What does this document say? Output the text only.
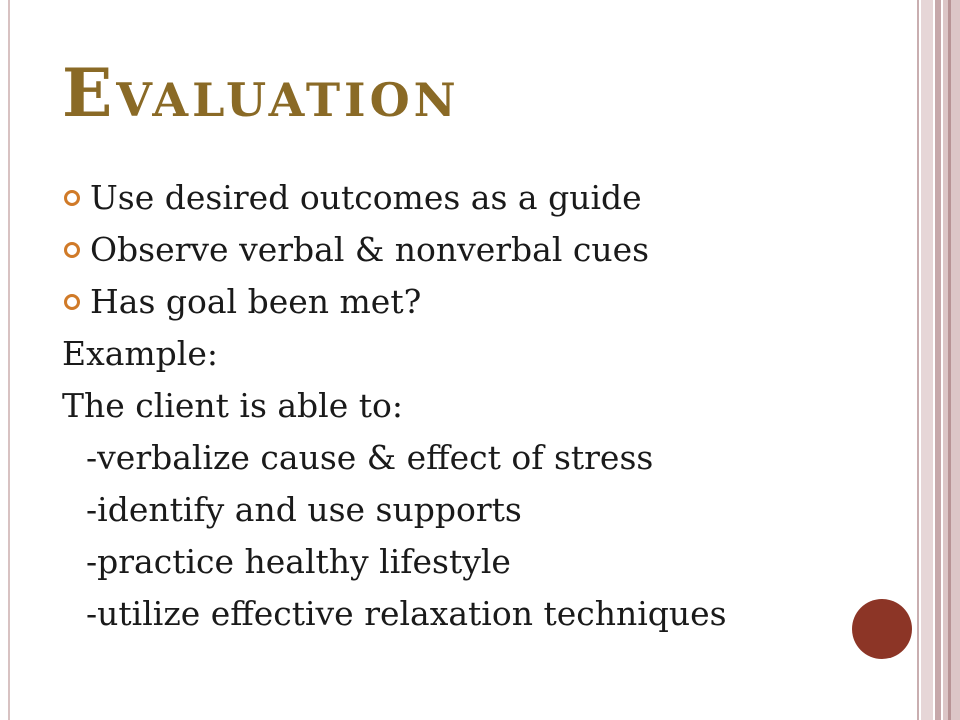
Evaluation
Use desired outcomes as a guide
Observe verbal & nonverbal cues
Has goal been met?
Example:
The client is able to:
-verbalize cause & effect of stress
-identify and use supports
-practice healthy lifestyle
-utilize effective relaxation techniques
